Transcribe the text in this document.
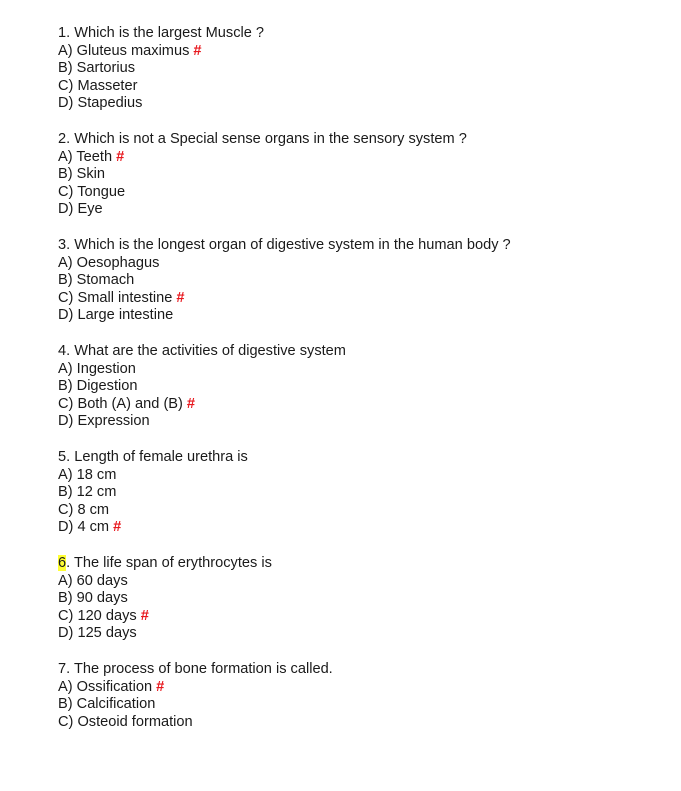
1. Which is the largest Muscle ?

A) Gluteus maximus #

B) Sartorius

C) Masseter

D) Stapedius

2. Which is not a Special sense organs in the sensory system ?

A) Teeth #

B) Skin

C) Tongue

D) Eye

3. Which is the longest organ of digestive system in the human body ?

A) Oesophagus

B) Stomach

C) Small intestine #

D) Large intestine

4. What are the activities of digestive system

A) Ingestion

B) Digestion

C) Both (A) and (B) #

D) Expression

5. Length of female urethra is

A) 18 cm

B) 12 cm

C) 8 cm

D) 4 cm #

6. The life span of erythrocytes is

A) 60 days

B) 90 days

C) 120 days #

D) 125 days

7. The process of bone formation is called.

A) Ossification #

B) Calcification

C) Osteoid formation
